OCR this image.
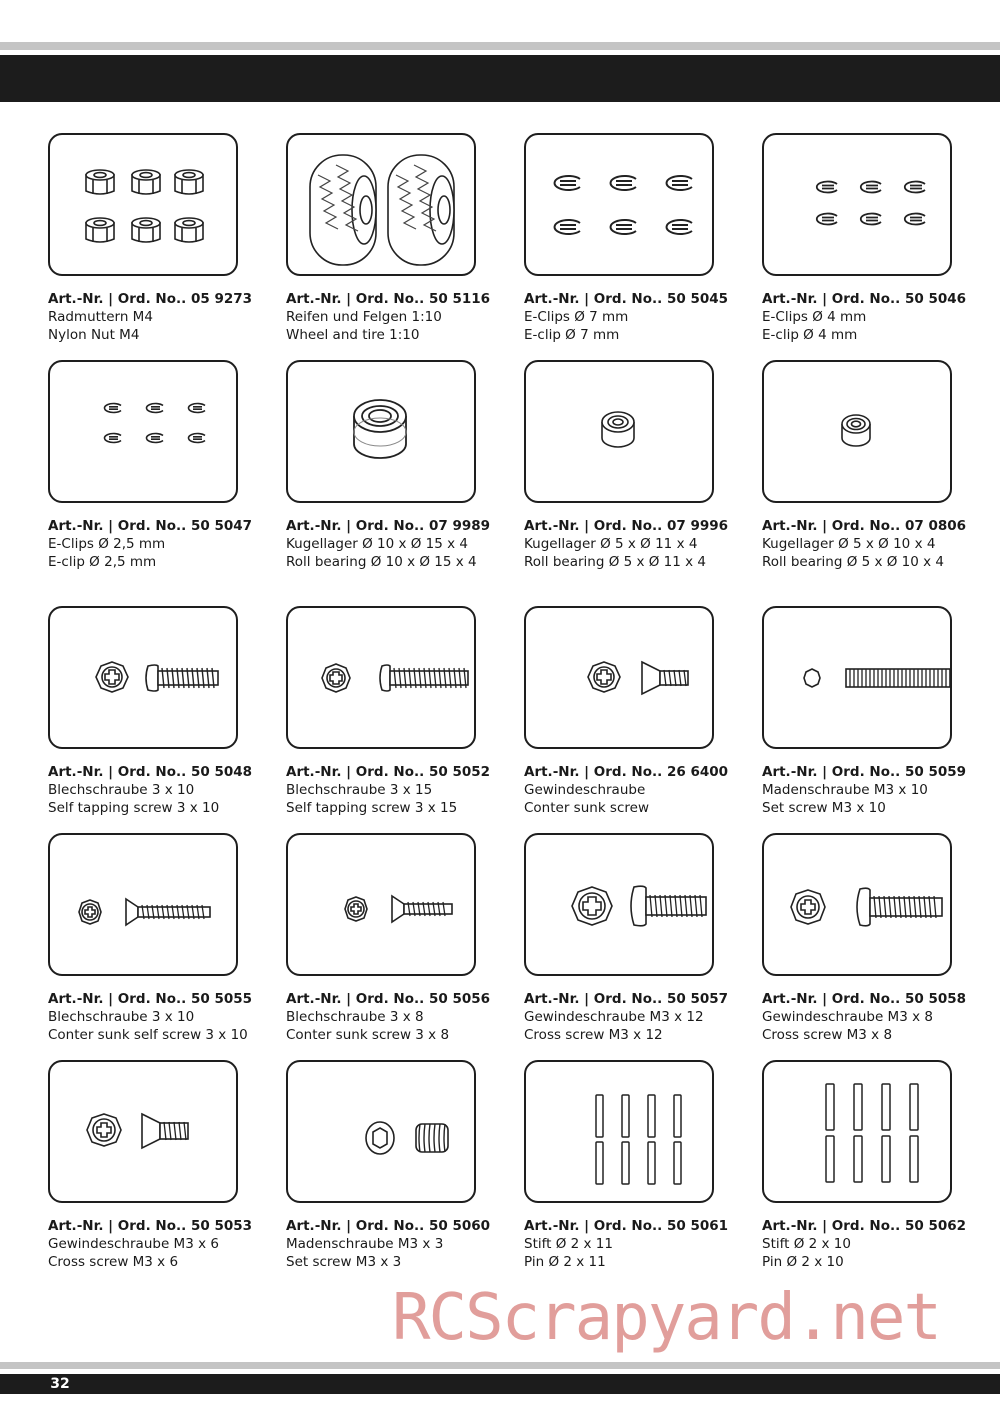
Art.-Nr. | Ord. No.. 05 9273
Radmuttern M4
Nylon Nut M4
Art.-Nr. | Ord. No.. 50 5116
Reifen und Felgen 1:10
Wheel and tire 1:10
Art.-Nr. | Ord. No.. 50 5045
E-Clips Ø 7 mm
E-clip Ø 7 mm
Art.-Nr. | Ord. No.. 50 5046
E-Clips Ø 4 mm
E-clip Ø 4 mm
Art.-Nr. | Ord. No.. 50 5047
E-Clips Ø 2,5 mm
E-clip Ø 2,5 mm
Art.-Nr. | Ord. No.. 07 9989
Kugellager Ø 10 x Ø 15 x 4
Roll bearing Ø 10 x Ø 15 x 4
Art.-Nr. | Ord. No.. 07 9996
Kugellager Ø 5 x Ø 11 x 4
Roll bearing Ø 5 x Ø 11 x 4
Art.-Nr. | Ord. No.. 07 0806
Kugellager Ø 5 x Ø 10 x 4
Roll bearing Ø 5 x Ø 10 x 4
Art.-Nr. | Ord. No.. 50 5048
Blechschraube 3 x 10
Self tapping screw 3 x 10
Art.-Nr. | Ord. No.. 50 5052
Blechschraube 3 x 15
Self tapping screw 3 x 15
Art.-Nr. | Ord. No.. 26 6400
Gewindeschraube
Conter sunk screw
Art.-Nr. | Ord. No.. 50 5059
Madenschraube M3 x 10
Set screw M3 x 10
Art.-Nr. | Ord. No.. 50 5055
Blechschraube 3 x 10
Conter sunk self screw 3 x 10
Art.-Nr. | Ord. No.. 50 5056
Blechschraube 3 x 8
Conter sunk screw 3 x 8
Art.-Nr. | Ord. No.. 50 5057
Gewindeschraube M3 x 12
Cross screw M3 x 12
Art.-Nr. | Ord. No.. 50 5058
Gewindeschraube M3 x 8
Cross screw M3 x 8
Art.-Nr. | Ord. No.. 50 5053
Gewindeschraube M3 x 6
Cross screw M3 x 6
Art.-Nr. | Ord. No.. 50 5060
Madenschraube M3 x 3
Set screw M3 x 3
Art.-Nr. | Ord. No.. 50 5061
Stift Ø 2 x 11
Pin Ø 2 x 11
Art.-Nr. | Ord. No.. 50 5062
Stift Ø 2 x 10
Pin Ø 2 x 10
RCScrapyard.net
32
